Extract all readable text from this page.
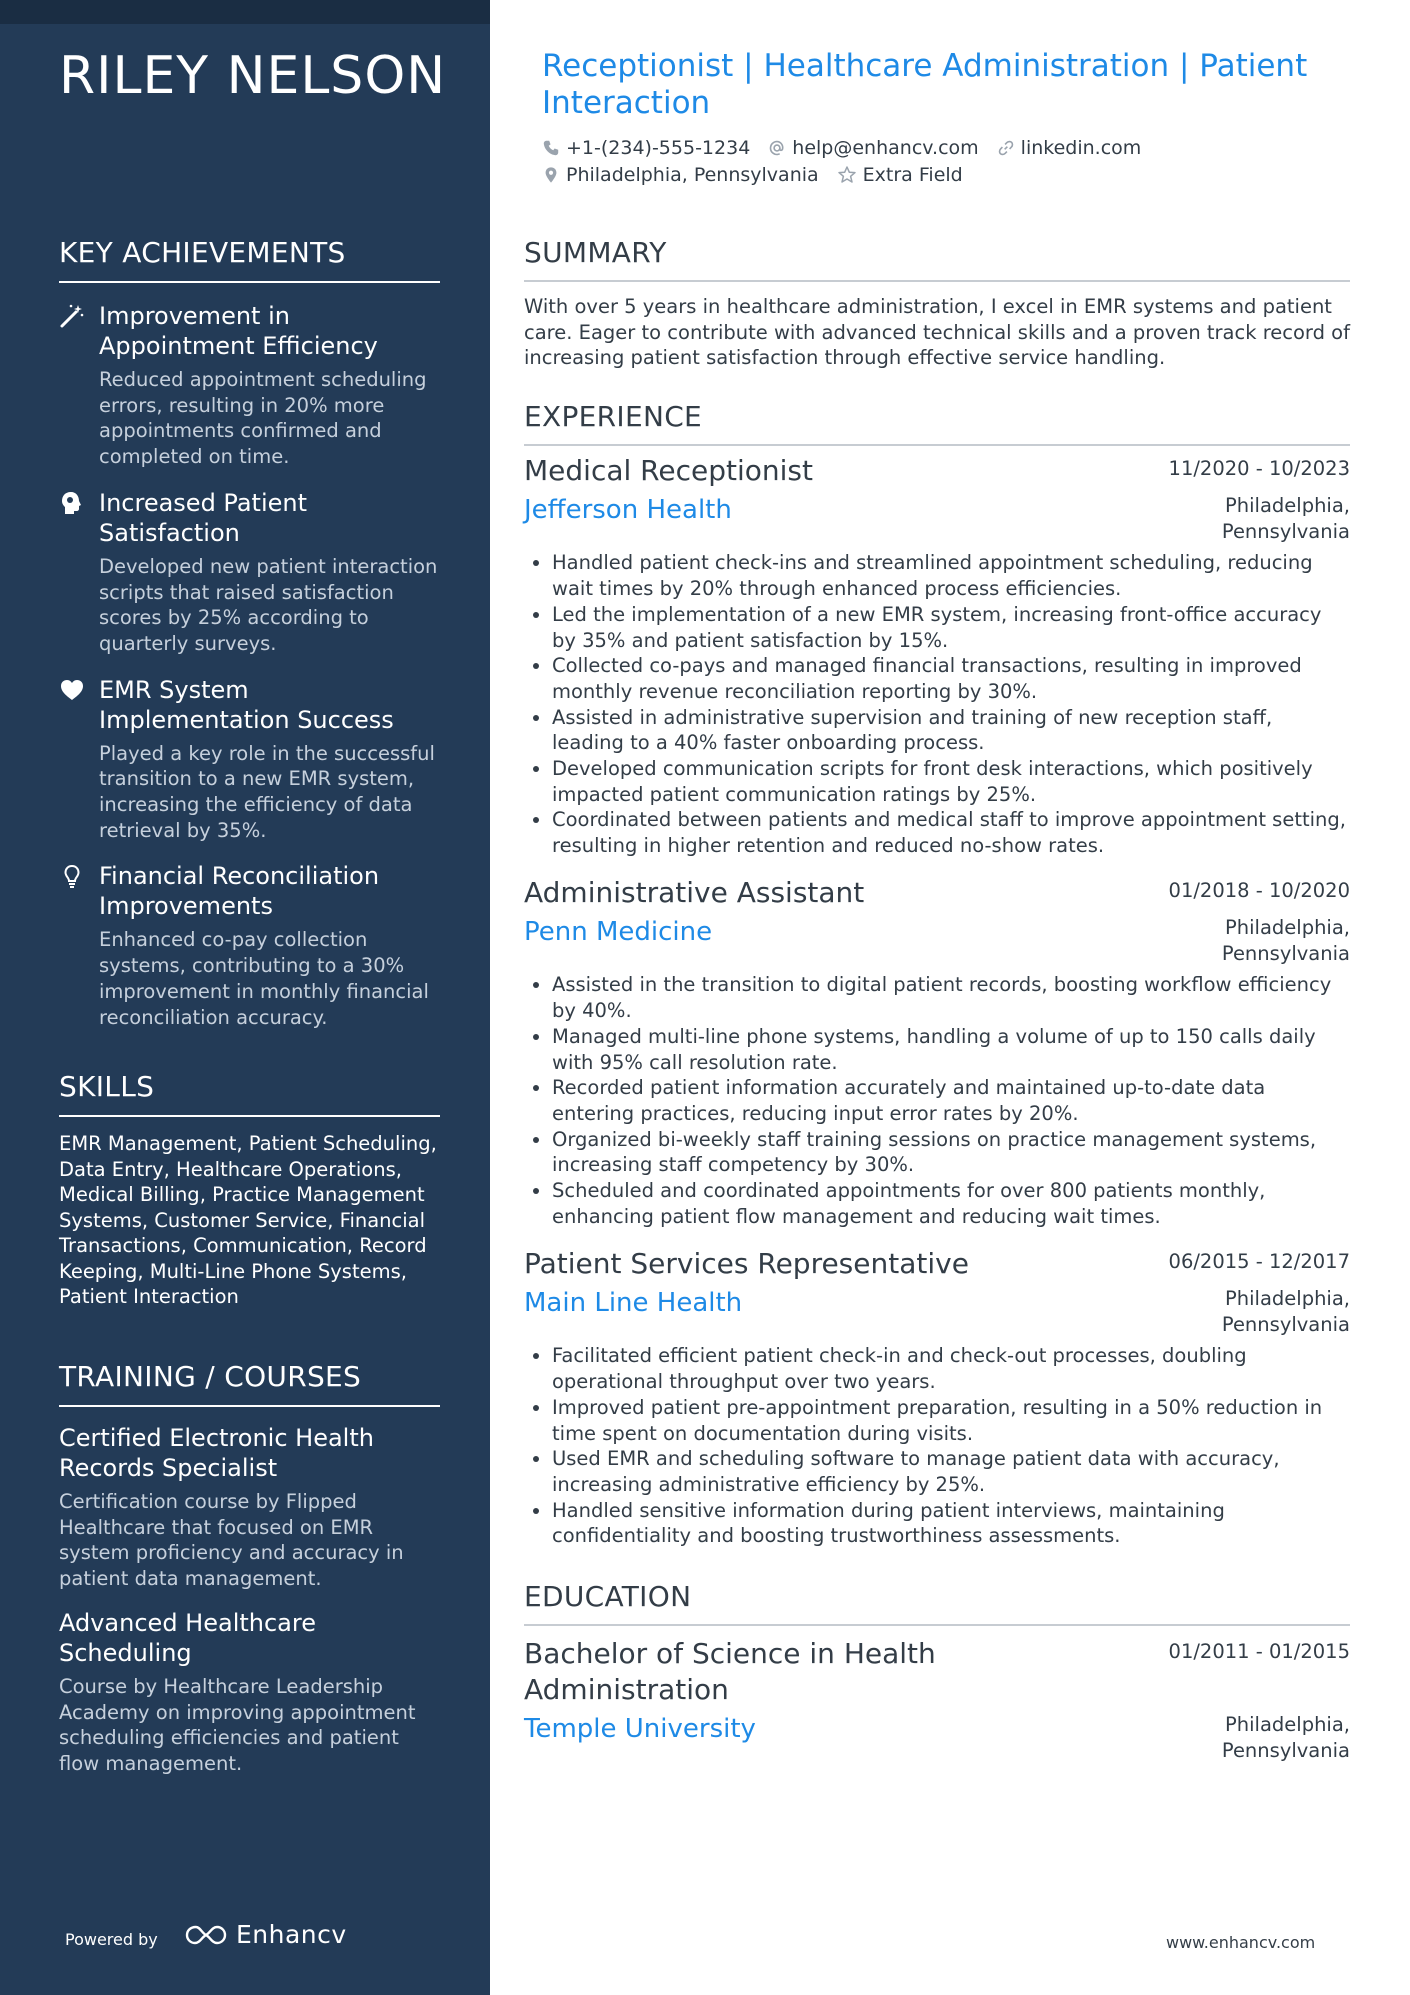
RILEY NELSON
KEY ACHIEVEMENTS
Improvement in Appointment Efficiency
Reduced appointment scheduling errors, resulting in 20% more appointments confirmed and completed on time.
Increased Patient Satisfaction
Developed new patient interaction scripts that raised satisfaction scores by 25% according to quarterly surveys.
EMR System Implementation Success
Played a key role in the successful transition to a new EMR system, increasing the efficiency of data retrieval by 35%.
Financial Reconciliation Improvements
Enhanced co-pay collection systems, contributing to a 30% improvement in monthly financial reconciliation accuracy.
SKILLS
EMR Management, Patient Scheduling, Data Entry, Healthcare Operations, Medical Billing, Practice Management Systems, Customer Service, Financial Transactions, Communication, Record Keeping, Multi-Line Phone Systems, Patient Interaction
TRAINING / COURSES
Certified Electronic Health Records Specialist
Certification course by Flipped Healthcare that focused on EMR system proficiency and accuracy in patient data management.
Advanced Healthcare Scheduling
Course by Healthcare Leadership Academy on improving appointment scheduling efficiencies and patient flow management.
Powered by	Enhancv
Receptionist | Healthcare Administration | Patient Interaction
+1-(234)-555-1234 help@enhancv.com linkedin.com
Philadelphia, Pennsylvania Extra Field
SUMMARY
With over 5 years in healthcare administration, I excel in EMR systems and patient care. Eager to contribute with advanced technical skills and a proven track record of increasing patient satisfaction through effective service handling.
EXPERIENCE
Medical Receptionist	11/2020 - 10/2023
Jefferson Health	Philadelphia,
Pennsylvania
• Handled patient check-ins and streamlined appointment scheduling, reducing wait times by 20% through enhanced process efficiencies.
• Led the implementation of a new EMR system, increasing front-office accuracy by 35% and patient satisfaction by 15%.
• Collected co-pays and managed financial transactions, resulting in improved monthly revenue reconciliation reporting by 30%.
• Assisted in administrative supervision and training of new reception staff, leading to a 40% faster onboarding process.
• Developed communication scripts for front desk interactions, which positively impacted patient communication ratings by 25%.
• Coordinated between patients and medical staff to improve appointment setting, resulting in higher retention and reduced no-show rates.
Administrative Assistant	01/2018 - 10/2020
Penn Medicine	Philadelphia,
Pennsylvania
• Assisted in the transition to digital patient records, boosting workflow efficiency by 40%.
• Managed multi-line phone systems, handling a volume of up to 150 calls daily with 95% call resolution rate.
• Recorded patient information accurately and maintained up-to-date data entering practices, reducing input error rates by 20%.
• Organized bi-weekly staff training sessions on practice management systems, increasing staff competency by 30%.
• Scheduled and coordinated appointments for over 800 patients monthly, enhancing patient flow management and reducing wait times.
Patient Services Representative	06/2015 - 12/2017
Main Line Health	Philadelphia,
Pennsylvania
• Facilitated efficient patient check-in and check-out processes, doubling operational throughput over two years.
• Improved patient pre-appointment preparation, resulting in a 50% reduction in time spent on documentation during visits.
• Used EMR and scheduling software to manage patient data with accuracy, increasing administrative efficiency by 25%.
• Handled sensitive information during patient interviews, maintaining confidentiality and boosting trustworthiness assessments.
EDUCATION
Bachelor of Science in Health Administration
01/2011 - 01/2015
Temple University	Philadelphia,
Pennsylvania
www.enhancv.com
